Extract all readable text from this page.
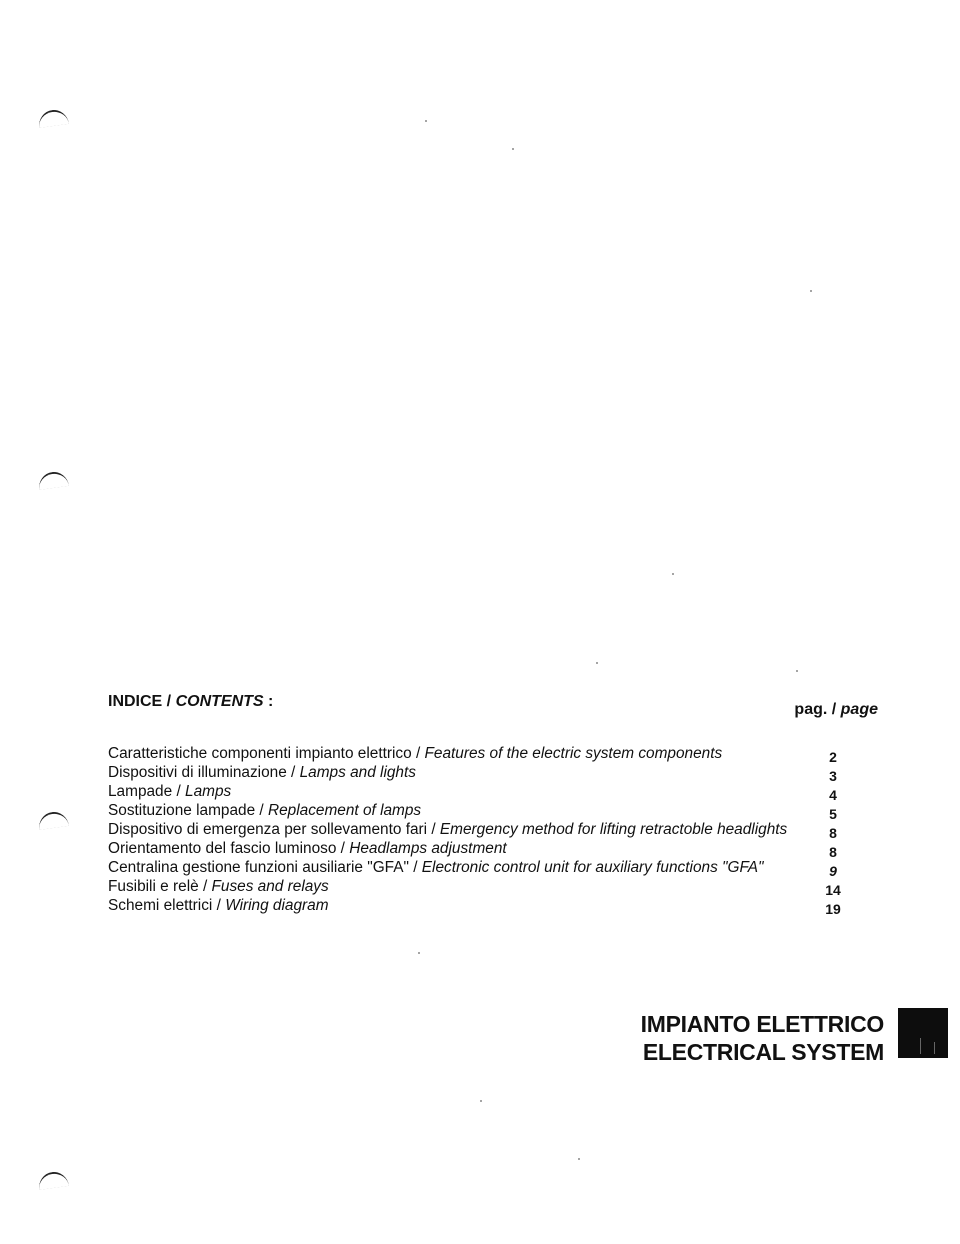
INDICE / CONTENTS :	pag. / page
Caratteristiche componenti impianto elettrico / Features of the electric system components	2
Dispositivi di illuminazione / Lamps and lights	3
Lampade / Lamps	4
Sostituzione lampade / Replacement of lamps	5
Dispositivo di emergenza per sollevamento fari / Emergency method for lifting retractoble headlights	8
Orientamento del fascio luminoso / Headlamps adjustment	8
Centralina gestione funzioni ausiliarie "GFA" / Electronic control unit for auxiliary functions "GFA"	9
Fusibili e relè / Fuses and relays	14
Schemi elettrici / Wiring diagram	19
IMPIANTO ELETTRICO
ELECTRICAL SYSTEM
